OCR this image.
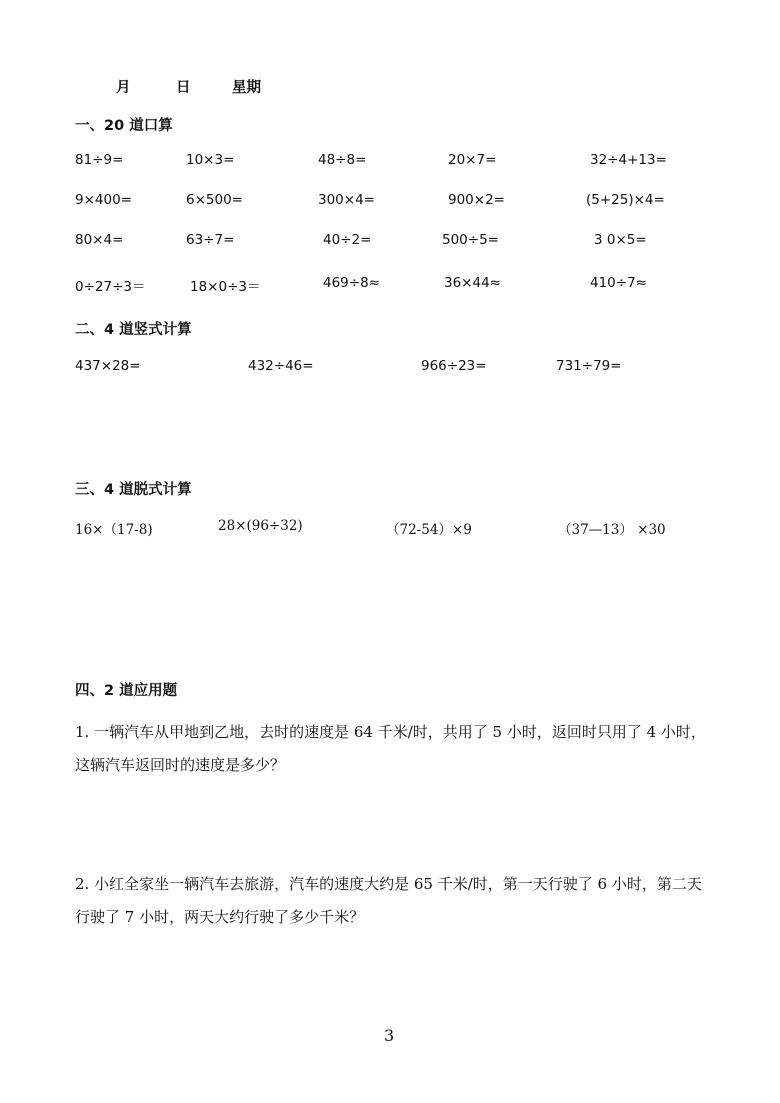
月	日	星期
一、20 道口算
81÷9=	10×3=	48÷8=	20×7=	32÷4+13=
9×400=	6×500=	300×4=	900×2=	(5+25)×4=
80×4=	63÷7=	40÷2=	500÷5=	3 0×5=
0÷27÷3＝	18×0÷3＝	469÷8≈	36×44≈	410÷7≈
二、4 道竖式计算
437×28=	432÷46=	966÷23=	731÷79=
三、4 道脱式计算
16×（17-8)	28×(96÷32)	（72-54）×9	（37—13） ×30
四、2 道应用题
1. 一辆汽车从甲地到乙地，去时的速度是 64 千米/时，共用了 5 小时，返回时只用了 4 小时，这辆汽车返回时的速度是多少？
2. 小红全家坐一辆汽车去旅游，汽车的速度大约是 65 千米/时，第一天行驶了 6 小时，第二天行驶了 7 小时，两天大约行驶了多少千米？
3
